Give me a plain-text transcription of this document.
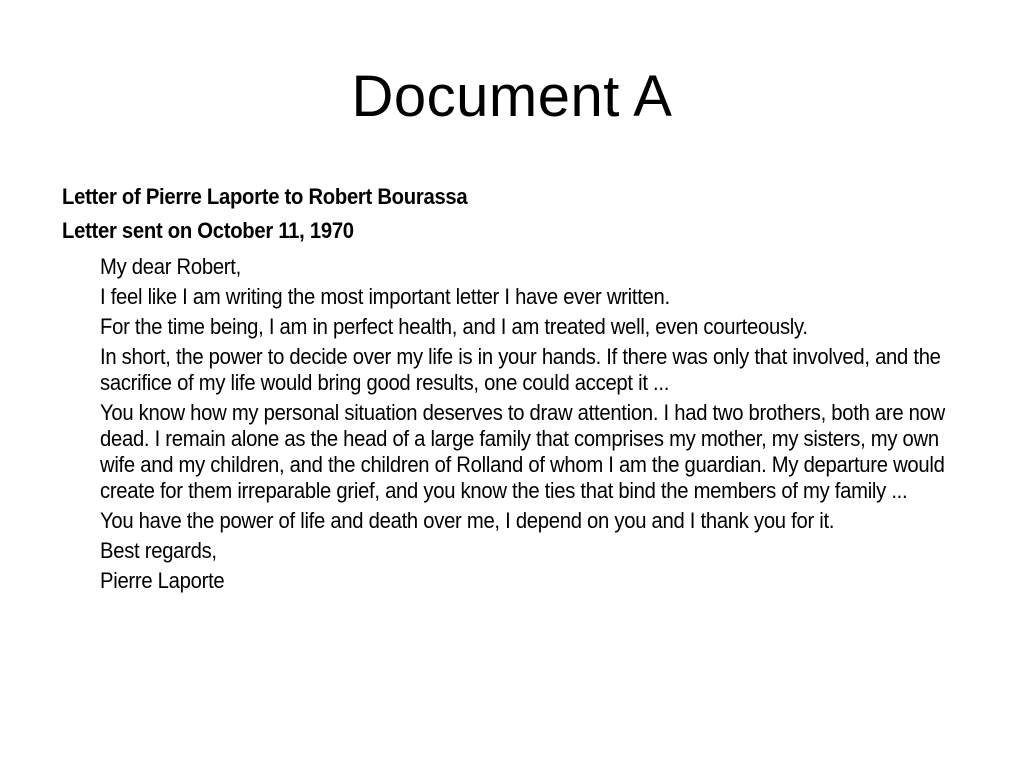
Document A

Letter of Pierre Laporte to Robert Bourassa

Letter sent on October 11, 1970

My dear Robert,
I feel like I am writing the most important letter I have ever written.
For the time being, I am in perfect health, and I am treated well, even courteously.
In short, the power to decide over my life is in your hands. If there was only that involved, and the sacrifice of my life would bring good results, one could accept it ...
You know how my personal situation deserves to draw attention. I had two brothers, both are now dead. I remain alone as the head of a large family that comprises my mother, my sisters, my own wife and my children, and the children of Rolland of whom I am the guardian. My departure would create for them irreparable grief, and you know the ties that bind the members of my family ...
You have the power of life and death over me, I depend on you and I thank you for it.
Best regards,
Pierre Laporte
